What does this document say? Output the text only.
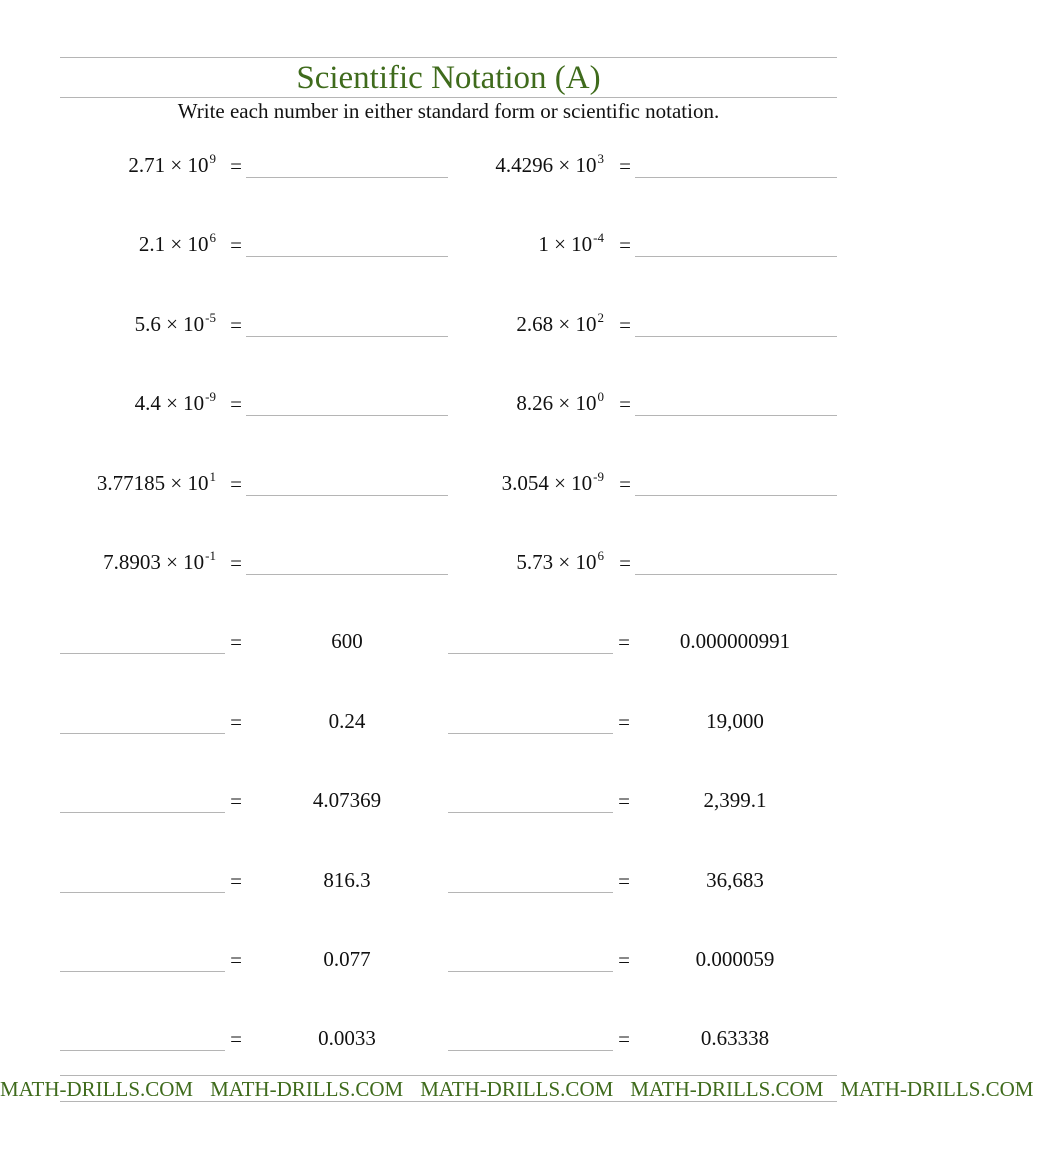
Scientific Notation (A)
Write each number in either standard form or scientific notation.
$2.71 \times 10^9$ =	$4.4296 \times 10^3$ =
$2.1 \times 10^6$ =	$1 \times 10^{-4}$ =
$5.6 \times 10^{-5}$ =	$2.68 \times 10^2$ =
$4.4 \times 10^{-9}$ =	$8.26 \times 10^0$ =
$3.77185 \times 10^1$ =	$3.054 \times 10^{-9}$ =
$7.8903 \times 10^{-1}$ =	$5.73 \times 10^6$ =
=	600	=	0.000000991
=	0.24	=	19,000
=	4.07369	=	2,399.1
=	816.3	=	36,683
=	0.077	=	0.000059
=	0.0033	=	0.63338
MATH-DRILLS.COM MATH-DRILLS.COM MATH-DRILLS.COM MATH-DRILLS.COM MATH-DRILLS.COM
